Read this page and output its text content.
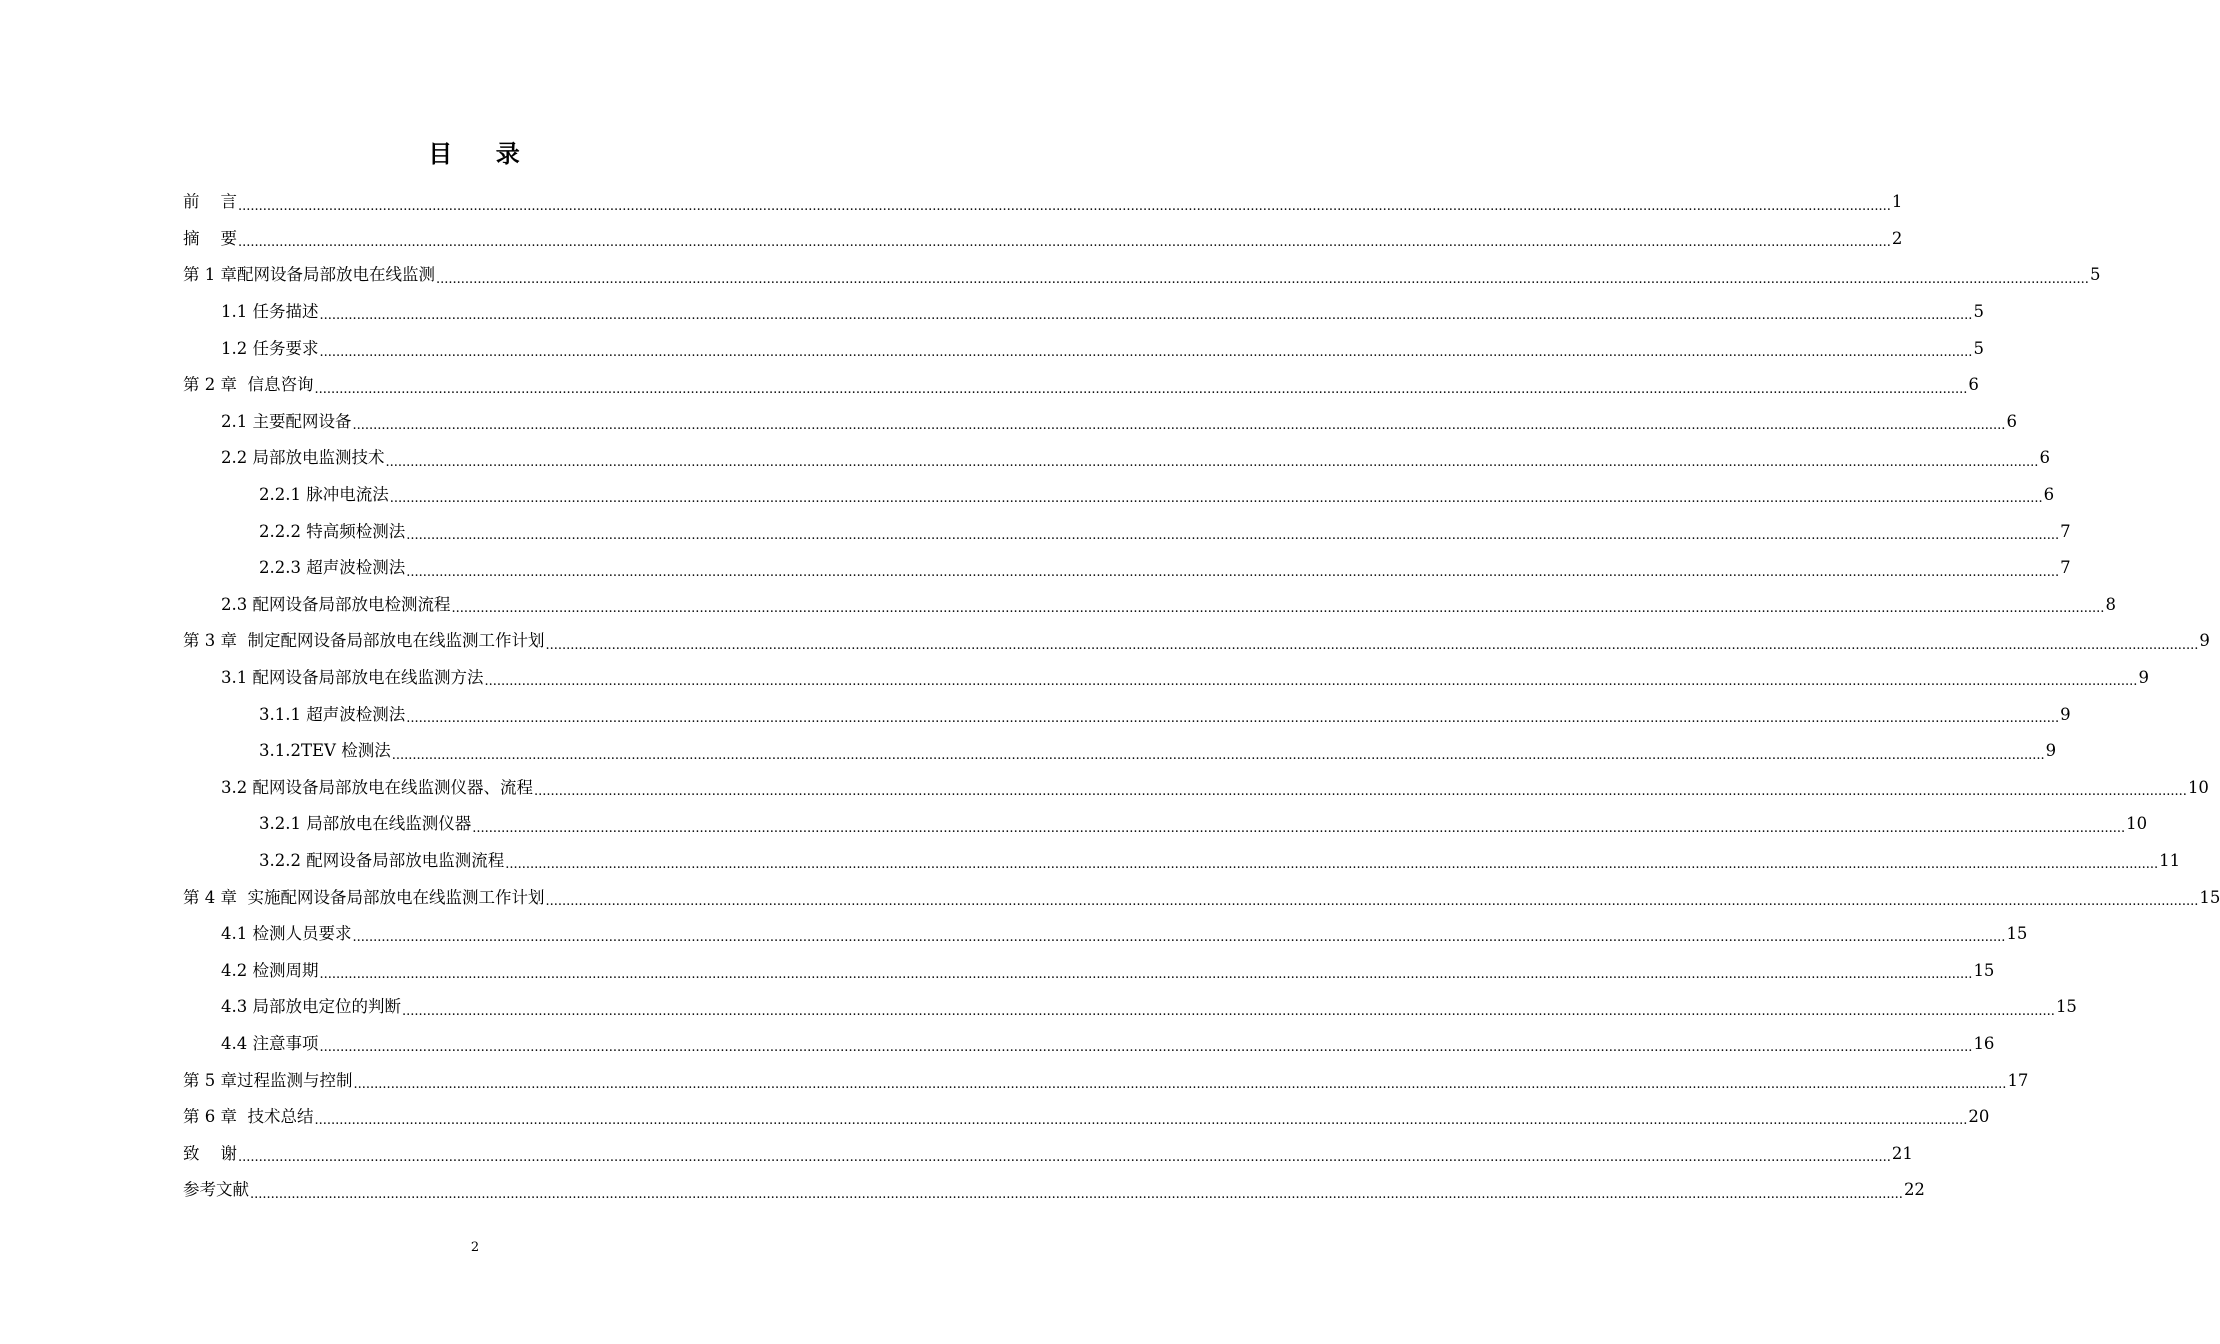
目    录
前    言 ................................................................................................................................................................................................................................................................................................................................................................................................................ 1
摘    要 ................................................................................................................................................................................................................................................................................................................................................................................................................ 2
第 1 章配网设备局部放电在线监测 ................................................................................................................................................................................................................................................................................................................................................................................................................ 5
1.1 任务描述 ................................................................................................................................................................................................................................................................................................................................................................................................................ 5
1.2 任务要求 ................................................................................................................................................................................................................................................................................................................................................................................................................ 5
第 2 章  信息咨询 ................................................................................................................................................................................................................................................................................................................................................................................................................ 6
2.1 主要配网设备 ................................................................................................................................................................................................................................................................................................................................................................................................................ 6
2.2 局部放电监测技术 ................................................................................................................................................................................................................................................................................................................................................................................................................ 6
2.2.1 脉冲电流法 ................................................................................................................................................................................................................................................................................................................................................................................................................ 6
2.2.2 特高频检测法 ................................................................................................................................................................................................................................................................................................................................................................................................................ 7
2.2.3 超声波检测法 ................................................................................................................................................................................................................................................................................................................................................................................................................ 7
2.3 配网设备局部放电检测流程 ................................................................................................................................................................................................................................................................................................................................................................................................................ 8
第 3 章  制定配网设备局部放电在线监测工作计划 ................................................................................................................................................................................................................................................................................................................................................................................................................ 9
3.1 配网设备局部放电在线监测方法 ................................................................................................................................................................................................................................................................................................................................................................................................................ 9
3.1.1 超声波检测法 ................................................................................................................................................................................................................................................................................................................................................................................................................ 9
3.1.2TEV 检测法 ................................................................................................................................................................................................................................................................................................................................................................................................................ 9
3.2 配网设备局部放电在线监测仪器、流程 ................................................................................................................................................................................................................................................................................................................................................................................................................ 10
3.2.1 局部放电在线监测仪器 ................................................................................................................................................................................................................................................................................................................................................................................................................ 10
3.2.2 配网设备局部放电监测流程 ................................................................................................................................................................................................................................................................................................................................................................................................................ 11
第 4 章  实施配网设备局部放电在线监测工作计划 ................................................................................................................................................................................................................................................................................................................................................................................................................ 15
4.1 检测人员要求 ................................................................................................................................................................................................................................................................................................................................................................................................................ 15
4.2 检测周期 ................................................................................................................................................................................................................................................................................................................................................................................................................ 15
4.3 局部放电定位的判断 ................................................................................................................................................................................................................................................................................................................................................................................................................ 15
4.4 注意事项 ................................................................................................................................................................................................................................................................................................................................................................................................................ 16
第 5 章过程监测与控制 ................................................................................................................................................................................................................................................................................................................................................................................................................ 17
第 6 章  技术总结 ................................................................................................................................................................................................................................................................................................................................................................................................................ 20
致    谢 ................................................................................................................................................................................................................................................................................................................................................................................................................ 21
参考文献 ................................................................................................................................................................................................................................................................................................................................................................................................................ 22
2
